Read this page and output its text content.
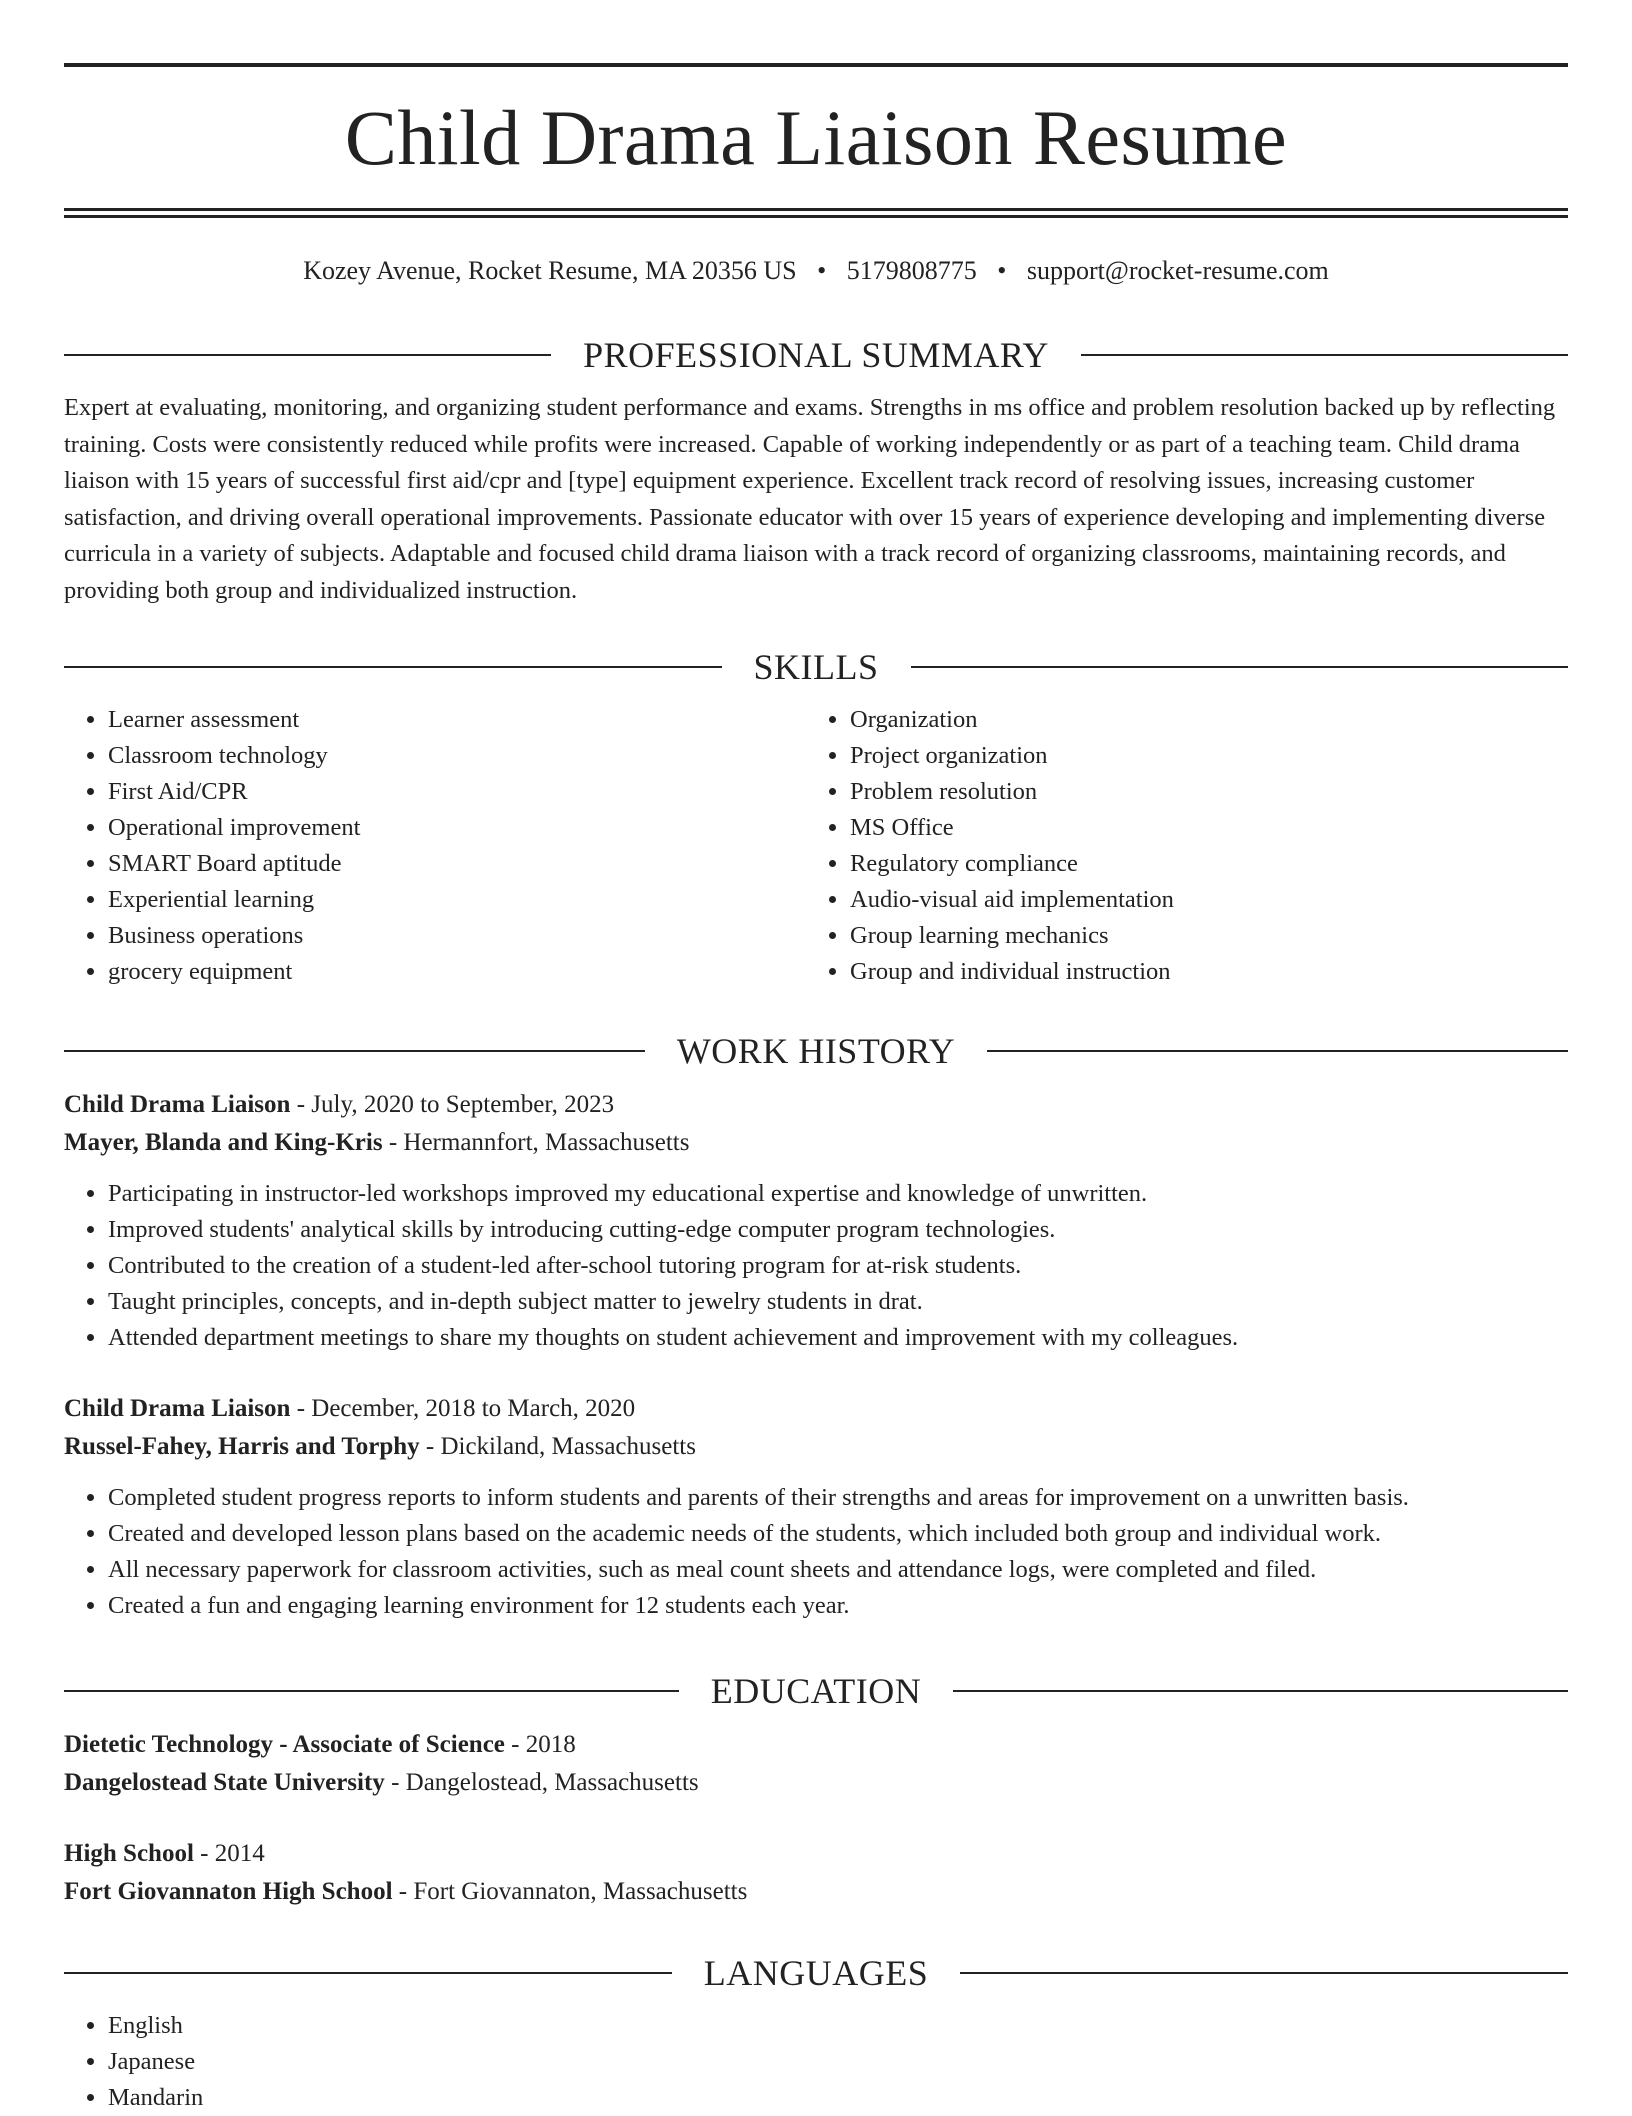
Child Drama Liaison Resume
Kozey Avenue, Rocket Resume, MA 20356 US • 5179808775 • support@rocket-resume.com
PROFESSIONAL SUMMARY

Expert at evaluating, monitoring, and organizing student performance and exams. Strengths in ms office and problem resolution backed up by reflecting training. Costs were consistently reduced while profits were increased. Capable of working independently or as part of a teaching team. Child drama liaison with 15 years of successful first aid/cpr and [type] equipment experience. Excellent track record of resolving issues, increasing customer satisfaction, and driving overall operational improvements. Passionate educator with over 15 years of experience developing and implementing diverse curricula in a variety of subjects. Adaptable and focused child drama liaison with a track record of organizing classrooms, maintaining records, and providing both group and individualized instruction.

SKILLS
• Learner assessment
• Classroom technology
• First Aid/CPR
• Operational improvement
• SMART Board aptitude
• Experiential learning
• Business operations
• grocery equipment
• Organization
• Project organization
• Problem resolution
• MS Office
• Regulatory compliance
• Audio-visual aid implementation
• Group learning mechanics
• Group and individual instruction
WORK HISTORY
Child Drama Liaison - July, 2020 to September, 2023
Mayer, Blanda and King-Kris - Hermannfort, Massachusetts
• Participating in instructor-led workshops improved my educational expertise and knowledge of unwritten.
• Improved students' analytical skills by introducing cutting-edge computer program technologies.
• Contributed to the creation of a student-led after-school tutoring program for at-risk students.
• Taught principles, concepts, and in-depth subject matter to jewelry students in drat.
• Attended department meetings to share my thoughts on student achievement and improvement with my colleagues.
Child Drama Liaison - December, 2018 to March, 2020
Russel-Fahey, Harris and Torphy - Dickiland, Massachusetts
• Completed student progress reports to inform students and parents of their strengths and areas for improvement on a unwritten basis.
• Created and developed lesson plans based on the academic needs of the students, which included both group and individual work.
• All necessary paperwork for classroom activities, such as meal count sheets and attendance logs, were completed and filed.
• Created a fun and engaging learning environment for 12 students each year.
EDUCATION
Dietetic Technology - Associate of Science - 2018
Dangelostead State University - Dangelostead, Massachusetts
High School - 2014
Fort Giovannaton High School - Fort Giovannaton, Massachusetts
LANGUAGES
• English
• Japanese
• Mandarin
